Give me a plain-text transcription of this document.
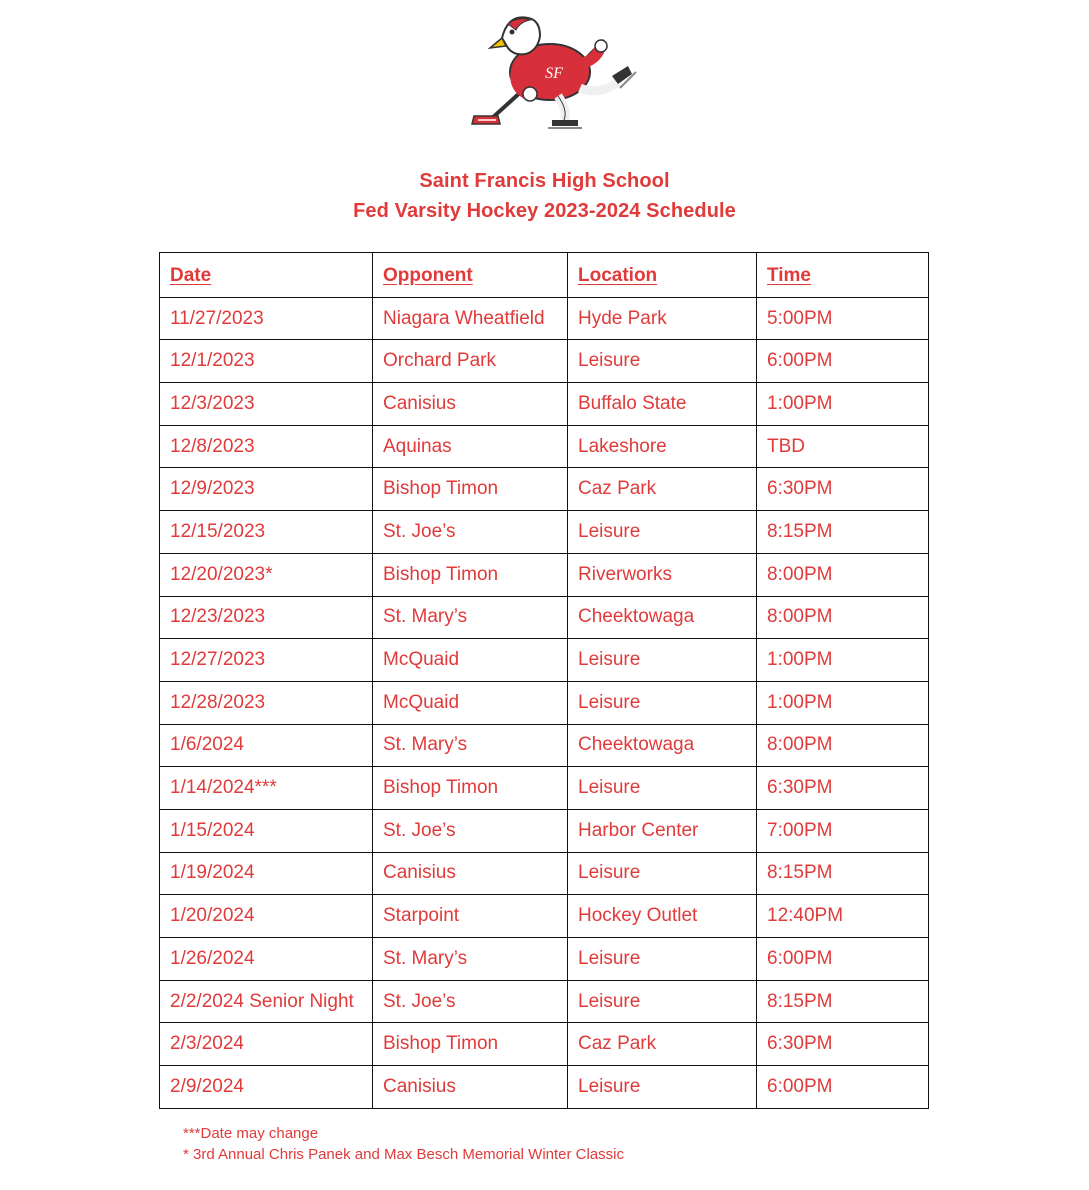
SF
Saint Francis High School
Fed Varsity Hockey 2023-2024 Schedule
Date	Opponent	Location	Time
11/27/2023	Niagara Wheatfield	Hyde Park	5:00PM
12/1/2023	Orchard Park	Leisure	6:00PM
12/3/2023	Canisius	Buffalo State	1:00PM
12/8/2023	Aquinas	Lakeshore	TBD
12/9/2023	Bishop Timon	Caz Park	6:30PM
12/15/2023	St. Joe’s	Leisure	8:15PM
12/20/2023*	Bishop Timon	Riverworks	8:00PM
12/23/2023	St. Mary’s	Cheektowaga	8:00PM
12/27/2023	McQuaid	Leisure	1:00PM
12/28/2023	McQuaid	Leisure	1:00PM
1/6/2024	St. Mary’s	Cheektowaga	8:00PM
1/14/2024***	Bishop Timon	Leisure	6:30PM
1/15/2024	St. Joe’s	Harbor Center	7:00PM
1/19/2024	Canisius	Leisure	8:15PM
1/20/2024	Starpoint	Hockey Outlet	12:40PM
1/26/2024	St. Mary’s	Leisure	6:00PM
2/2/2024 Senior Night	St. Joe’s	Leisure	8:15PM
2/3/2024	Bishop Timon	Caz Park	6:30PM
2/9/2024	Canisius	Leisure	6:00PM
***Date may change
* 3rd Annual Chris Panek and Max Besch Memorial Winter Classic
